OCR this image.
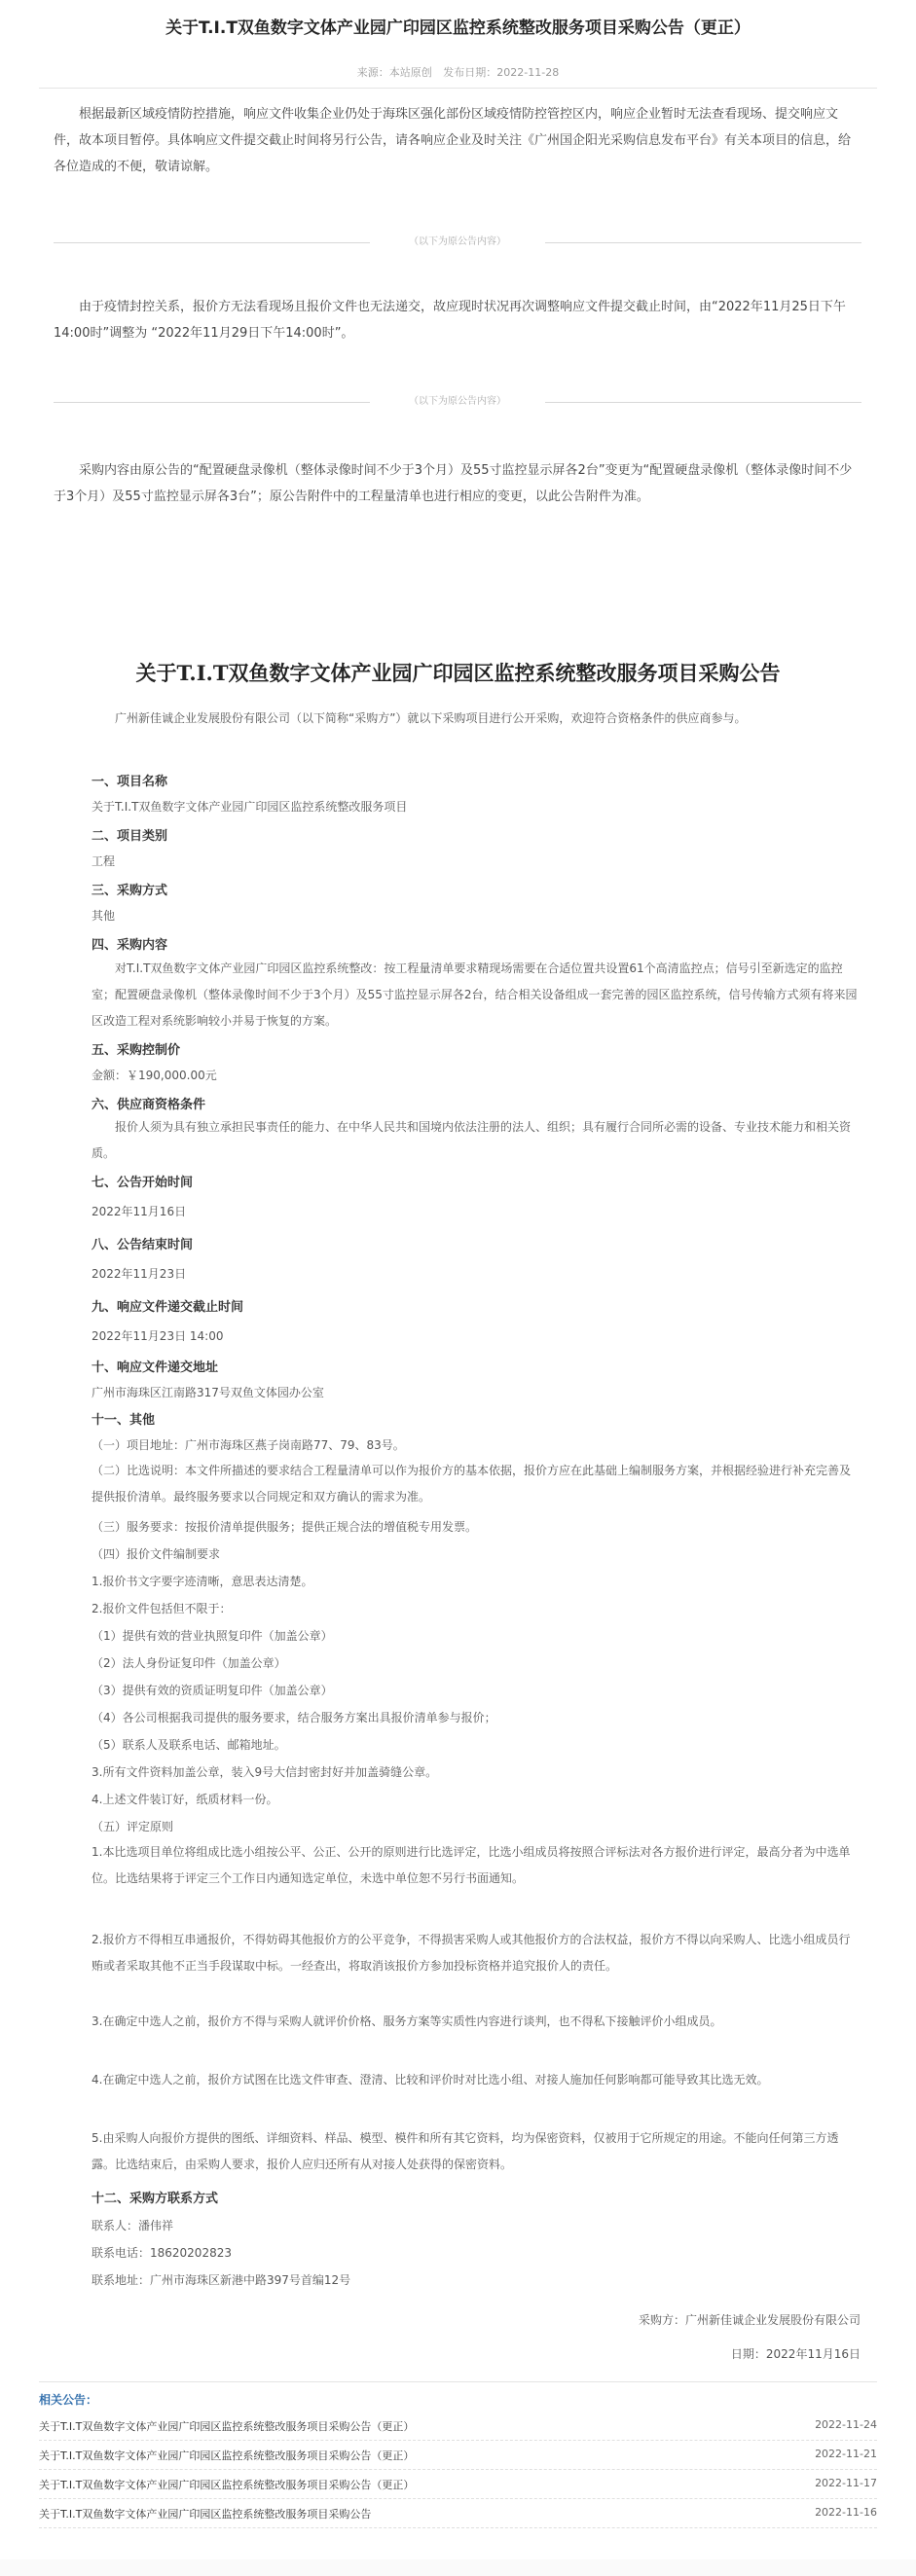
关于T.I.T双鱼数字文体产业园广印园区监控系统整改服务项目采购公告（更正）
来源：本站原创 发布日期：2022-11-28

根据最新区域疫情防控措施，响应文件收集企业仍处于海珠区强化部份区域疫情防控管控区内，响应企业暂时无法查看现场、提交响应文件，故本项目暂停。具体响应文件提交截止时间将另行公告，请各响应企业及时关注《广州国企阳光采购信息发布平台》有关本项目的信息，给各位造成的不便，敬请谅解。

（以下为原公告内容）

由于疫情封控关系，报价方无法看现场且报价文件也无法递交，故应现时状况再次调整响应文件提交截止时间，由“2022年11月25日下午14:00时”调整为 “2022年11月29日下午14:00时”。

（以下为原公告内容）

采购内容由原公告的“配置硬盘录像机（整体录像时间不少于3个月）及55寸监控显示屏各2台”变更为“配置硬盘录像机（整体录像时间不少于3个月）及55寸监控显示屏各3台”；原公告附件中的工程量清单也进行相应的变更，以此公告附件为准。

关于T.I.T双鱼数字文体产业园广印园区监控系统整改服务项目采购公告

广州新佳诚企业发展股份有限公司（以下简称“采购方”）就以下采购项目进行公开采购，欢迎符合资格条件的供应商参与。

一、项目名称
关于T.I.T双鱼数字文体产业园广印园区监控系统整改服务项目
二、项目类别
工程
三、采购方式
其他
四、采购内容

对T.I.T双鱼数字文体产业园广印园区监控系统整改：按工程量清单要求精现场需要在合适位置共设置61个高清监控点；信号引至新选定的监控室；配置硬盘录像机（整体录像时间不少于3个月）及55寸监控显示屏各2台，结合相关设备组成一套完善的园区监控系统，信号传输方式须有将来园区改造工程对系统影响较小并易于恢复的方案。

五、采购控制价
金额：￥190,000.00元
六、供应商资格条件

报价人须为具有独立承担民事责任的能力、在中华人民共和国境内依法注册的法人、组织；具有履行合同所必需的设备、专业技术能力和相关资质。

七、公告开始时间
2022年11月16日
八、公告结束时间
2022年11月23日
九、响应文件递交截止时间
2022年11月23日 14:00
十、响应文件递交地址
广州市海珠区江南路317号双鱼文体园办公室
十一、其他
（一）项目地址：广州市海珠区燕子岗南路77、79、83号。

（二）比选说明：本文件所描述的要求结合工程量清单可以作为报价方的基本依据，报价方应在此基础上编制服务方案，并根据经验进行补充完善及提供报价清单。最终服务要求以合同规定和双方确认的需求为准。

（三）服务要求：按报价清单提供服务；提供正规合法的增值税专用发票。
（四）报价文件编制要求
1.报价书文字要字迹清晰，意思表达清楚。
2.报价文件包括但不限于：
（1）提供有效的营业执照复印件（加盖公章）
（2）法人身份证复印件（加盖公章）
（3）提供有效的资质证明复印件（加盖公章）
（4）各公司根据我司提供的服务要求，结合服务方案出具报价清单参与报价；
（5）联系人及联系电话、邮箱地址。
3.所有文件资料加盖公章，装入9号大信封密封好并加盖骑缝公章。
4.上述文件装订好，纸质材料一份。
（五）评定原则

1.本比选项目单位将组成比选小组按公平、公正、公开的原则进行比选评定，比选小组成员将按照合评标法对各方报价进行评定，最高分者为中选单位。比选结果将于评定三个工作日内通知选定单位，未选中单位恕不另行书面通知。

2.报价方不得相互串通报价，不得妨碍其他报价方的公平竞争，不得损害采购人或其他报价方的合法权益，报价方不得以向采购人、比选小组成员行贿或者采取其他不正当手段谋取中标。一经查出，将取消该报价方参加投标资格并追究报价人的责任。

3.在确定中选人之前，报价方不得与采购人就评价价格、服务方案等实质性内容进行谈判，也不得私下接触评价小组成员。

4.在确定中选人之前，报价方试图在比选文件审查、澄清、比较和评价时对比选小组、对接人施加任何影响都可能导致其比选无效。

5.由采购人向报价方提供的图纸、详细资料、样品、模型、模件和所有其它资料，均为保密资料，仅被用于它所规定的用途。不能向任何第三方透露。比选结束后，由采购人要求，报价人应归还所有从对接人处获得的保密资料。

十二、采购方联系方式
联系人：潘伟祥
联系电话：18620202823
联系地址：广州市海珠区新港中路397号首编12号
采购方：广州新佳诚企业发展股份有限公司
日期：2022年11月16日
相关公告：
关于T.I.T双鱼数字文体产业园广印园区监控系统整改服务项目采购公告（更正）	2022-11-24
关于T.I.T双鱼数字文体产业园广印园区监控系统整改服务项目采购公告（更正）	2022-11-21
关于T.I.T双鱼数字文体产业园广印园区监控系统整改服务项目采购公告（更正）	2022-11-17
关于T.I.T双鱼数字文体产业园广印园区监控系统整改服务项目采购公告	2022-11-16
